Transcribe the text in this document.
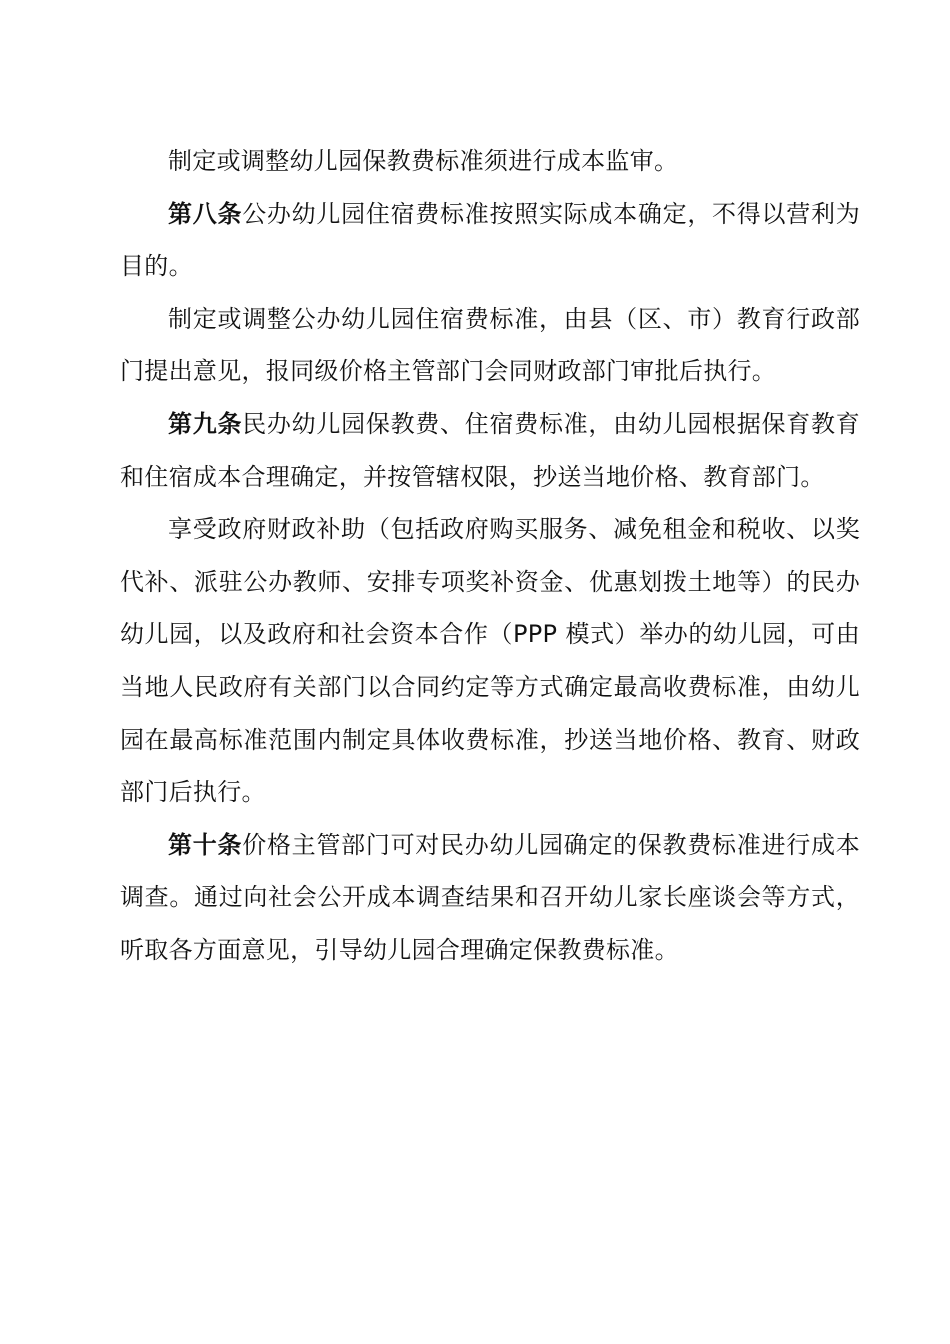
制定或调整幼儿园保教费标准须进行成本监审。

第八条公办幼儿园住宿费标准按照实际成本确定，不得以营利为目的。

制定或调整公办幼儿园住宿费标准，由县（区、市）教育行政部门提出意见，报同级价格主管部门会同财政部门审批后执行。

第九条民办幼儿园保教费、住宿费标准，由幼儿园根据保育教育和住宿成本合理确定，并按管辖权限，抄送当地价格、教育部门。

享受政府财政补助（包括政府购买服务、减免租金和税收、以奖代补、派驻公办教师、安排专项奖补资金、优惠划拨土地等）的民办幼儿园，以及政府和社会资本合作（PPP 模式）举办的幼儿园，可由当地人民政府有关部门以合同约定等方式确定最高收费标准，由幼儿园在最高标准范围内制定具体收费标准，抄送当地价格、教育、财政部门后执行。

第十条价格主管部门可对民办幼儿园确定的保教费标准进行成本调查。通过向社会公开成本调查结果和召开幼儿家长座谈会等方式，听取各方面意见，引导幼儿园合理确定保教费标准。
